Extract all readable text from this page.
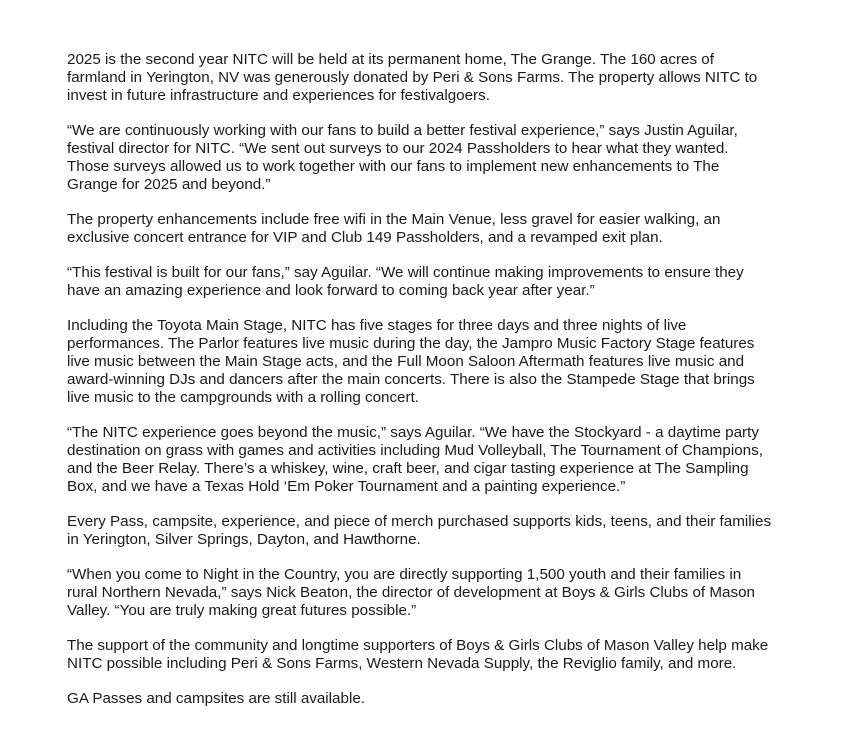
2025 is the second year NITC will be held at its permanent home, The Grange. The 160 acres of
farmland in Yerington, NV was generously donated by Peri & Sons Farms. The property allows NITC to
invest in future infrastructure and experiences for festivalgoers.

“We are continuously working with our fans to build a better festival experience,” says Justin Aguilar,
festival director for NITC. “We sent out surveys to our 2024 Passholders to hear what they wanted.
Those surveys allowed us to work together with our fans to implement new enhancements to The
Grange for 2025 and beyond.”

The property enhancements include free wifi in the Main Venue, less gravel for easier walking, an
exclusive concert entrance for VIP and Club 149 Passholders, and a revamped exit plan.

“This festival is built for our fans,” say Aguilar. “We will continue making improvements to ensure they
have an amazing experience and look forward to coming back year after year.”

Including the Toyota Main Stage, NITC has five stages for three days and three nights of live
performances. The Parlor features live music during the day, the Jampro Music Factory Stage features
live music between the Main Stage acts, and the Full Moon Saloon Aftermath features live music and
award-winning DJs and dancers after the main concerts. There is also the Stampede Stage that brings
live music to the campgrounds with a rolling concert.

“The NITC experience goes beyond the music,” says Aguilar. “We have the Stockyard - a daytime party
destination on grass with games and activities including Mud Volleyball, The Tournament of Champions,
and the Beer Relay. There’s a whiskey, wine, craft beer, and cigar tasting experience at The Sampling
Box, and we have a Texas Hold ‘Em Poker Tournament and a painting experience.”

Every Pass, campsite, experience, and piece of merch purchased supports kids, teens, and their families
in Yerington, Silver Springs, Dayton, and Hawthorne.

“When you come to Night in the Country, you are directly supporting 1,500 youth and their families in
rural Northern Nevada,” says Nick Beaton, the director of development at Boys & Girls Clubs of Mason
Valley. “You are truly making great futures possible.”

The support of the community and longtime supporters of Boys & Girls Clubs of Mason Valley help make
NITC possible including Peri & Sons Farms, Western Nevada Supply, the Reviglio family, and more.

GA Passes and campsites are still available.
